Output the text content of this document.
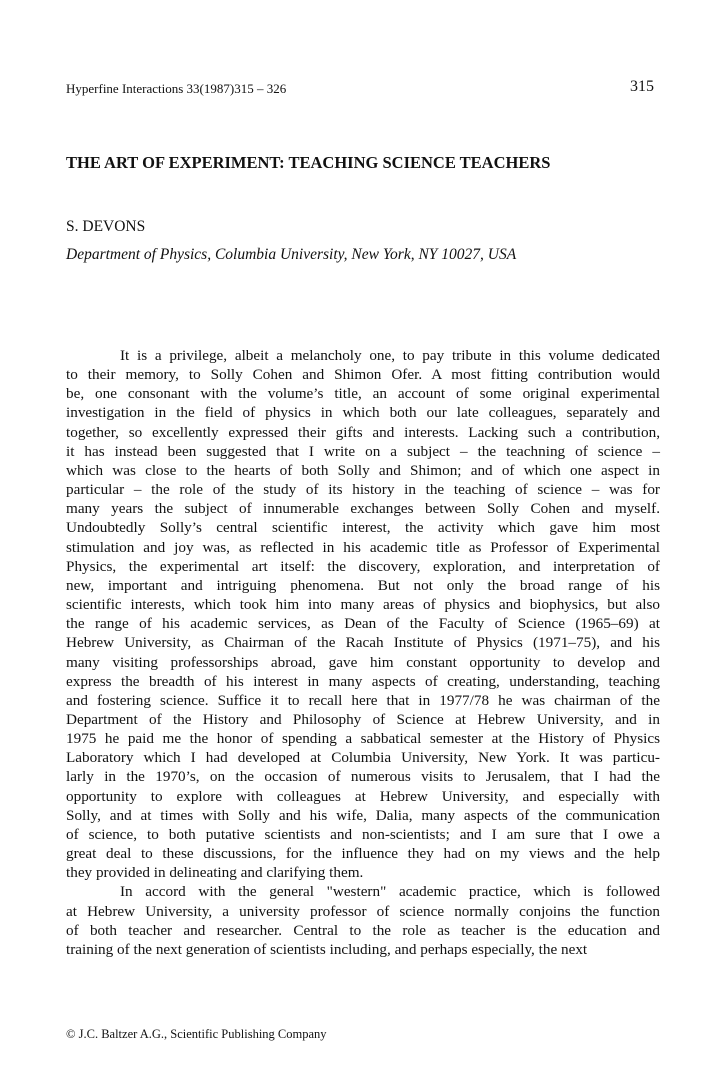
Hyperfine Interactions 33(1987)315 – 326	315
THE ART OF EXPERIMENT: TEACHING SCIENCE TEACHERS
S. DEVONS
Department of Physics, Columbia University, New York, NY 10027, USA
It is a privilege, albeit a melancholy one, to pay tribute in this volume dedicated
to their memory, to Solly Cohen and Shimon Ofer. A most fitting contribution would
be, one consonant with the volume’s title, an account of some original experimental
investigation in the field of physics in which both our late colleagues, separately and
together, so excellently expressed their gifts and interests. Lacking such a contribution,
it has instead been suggested that I write on a subject – the teachning of science –
which was close to the hearts of both Solly and Shimon; and of which one aspect in
particular – the role of the study of its history in the teaching of science – was for
many years the subject of innumerable exchanges between Solly Cohen and myself.
Undoubtedly Solly’s central scientific interest, the activity which gave him most
stimulation and joy was, as reflected in his academic title as Professor of Experimental
Physics, the experimental art itself: the discovery, exploration, and interpretation of
new, important and intriguing phenomena. But not only the broad range of his
scientific interests, which took him into many areas of physics and biophysics, but also
the range of his academic services, as Dean of the Faculty of Science (1965–69) at
Hebrew University, as Chairman of the Racah Institute of Physics (1971–75), and his
many visiting professorships abroad, gave him constant opportunity to develop and
express the breadth of his interest in many aspects of creating, understanding, teaching
and fostering science. Suffice it to recall here that in 1977/78 he was chairman of the
Department of the History and Philosophy of Science at Hebrew University, and in
1975 he paid me the honor of spending a sabbatical semester at the History of Physics
Laboratory which I had developed at Columbia University, New York. It was particu-
larly in the 1970’s, on the occasion of numerous visits to Jerusalem, that I had the
opportunity to explore with colleagues at Hebrew University, and especially with
Solly, and at times with Solly and his wife, Dalia, many aspects of the communication
of science, to both putative scientists and non-scientists; and I am sure that I owe a
great deal to these discussions, for the influence they had on my views and the help
they provided in delineating and clarifying them.
In accord with the general "western" academic practice, which is followed
at Hebrew University, a university professor of science normally conjoins the function
of both teacher and researcher. Central to the role as teacher is the education and
training of the next generation of scientists including, and perhaps especially, the next
© J.C. Baltzer A.G., Scientific Publishing Company
